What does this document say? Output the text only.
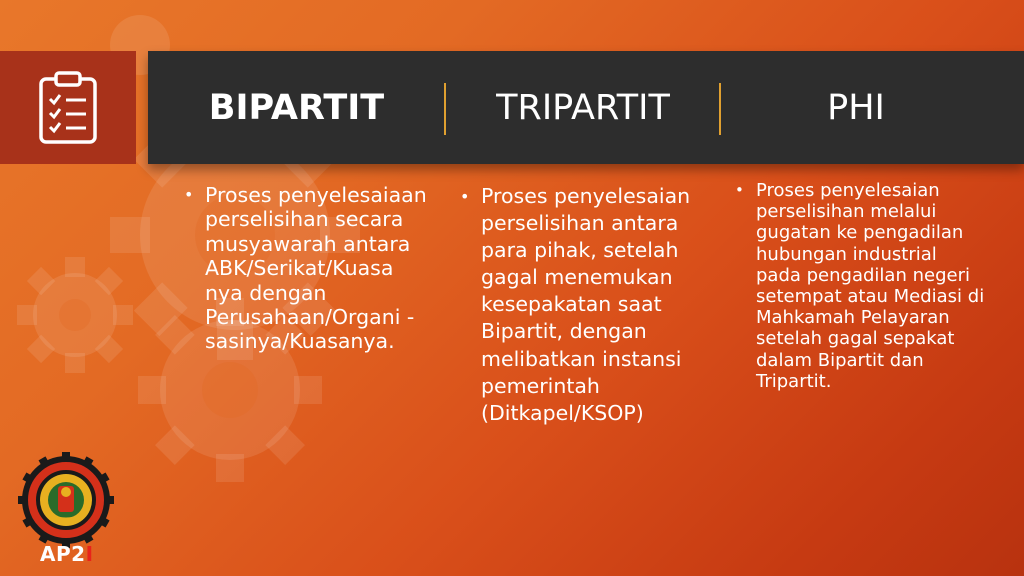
BIPARTIT	TRIPARTIT	PHI
• Proses penyelesaiaan perselisihan secara musyawarah antara ABK/Serikat/Kuasa nya dengan Perusahaan/Organi -sasinya/Kuasanya.
• Proses penyelesaian perselisihan antara para pihak, setelah gagal menemukan kesepakatan saat Bipartit, dengan melibatkan instansi pemerintah (Ditkapel/KSOP)
• Proses penyelesaian perselisihan melalui gugatan ke pengadilan hubungan industrial pada pengadilan negeri setempat atau Mediasi di Mahkamah Pelayaran setelah gagal sepakat dalam Bipartit dan Tripartit.
AP2I
